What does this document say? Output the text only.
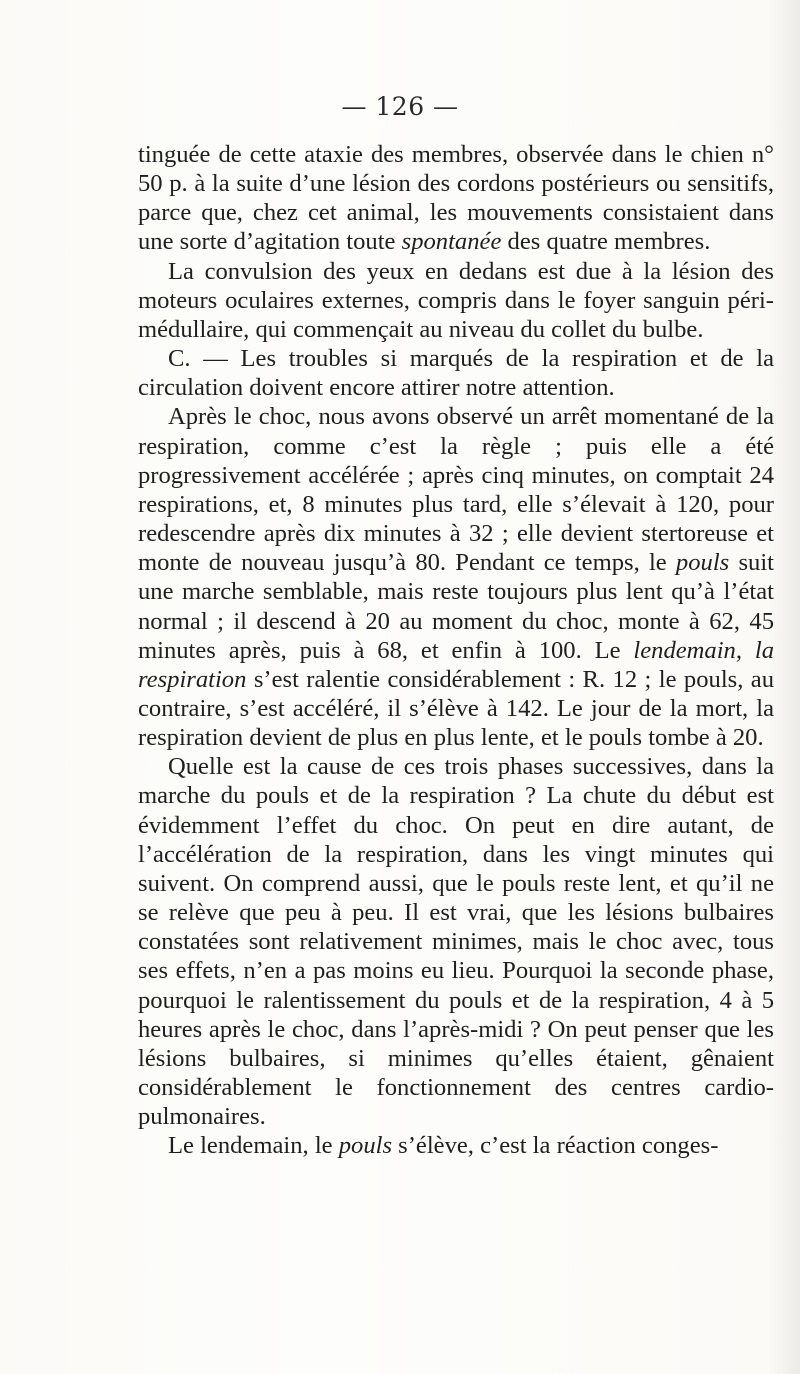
— 126 —

tinguée de cette ataxie des membres, observée dans le chien n° 50 p. à la suite d’une lésion des cordons postérieurs ou sensitifs, parce que, chez cet animal, les mouvements consistaient dans une sorte d’agitation toute spontanée des quatre membres.

La convulsion des yeux en dedans est due à la lésion des moteurs oculaires externes, compris dans le foyer sanguin péri-médullaire, qui commençait au niveau du collet du bulbe.

C. — Les troubles si marqués de la respiration et de la circulation doivent encore attirer notre attention.

Après le choc, nous avons observé un arrêt momentané de la respiration, comme c’est la règle ; puis elle a été progressivement accélérée ; après cinq minutes, on comptait 24 respirations, et, 8 minutes plus tard, elle s’élevait à 120, pour redescendre après dix minutes à 32 ; elle devient stertoreuse et monte de nouveau jusqu’à 80. Pendant ce temps, le pouls suit une marche semblable, mais reste toujours plus lent qu’à l’état normal ; il descend à 20 au moment du choc, monte à 62, 45 minutes après, puis à 68, et enfin à 100. Le lendemain, la respiration s’est ralentie considérablement : R. 12 ; le pouls, au contraire, s’est accéléré, il s’élève à 142. Le jour de la mort, la respiration devient de plus en plus lente, et le pouls tombe à 20.

Quelle est la cause de ces trois phases successives, dans la marche du pouls et de la respiration ? La chute du début est évidemment l’effet du choc. On peut en dire autant, de l’accélération de la respiration, dans les vingt minutes qui suivent. On comprend aussi, que le pouls reste lent, et qu’il ne se relève que peu à peu. Il est vrai, que les lésions bulbaires constatées sont relativement minimes, mais le choc avec, tous ses effets, n’en a pas moins eu lieu. Pourquoi la seconde phase, pourquoi le ralentissement du pouls et de la respiration, 4 à 5 heures après le choc, dans l’après-midi ? On peut penser que les lésions bulbaires, si minimes qu’elles étaient, gênaient considérablement le fonctionnement des centres cardio-pulmonaires.

Le lendemain, le pouls s’élève, c’est la réaction conges-
